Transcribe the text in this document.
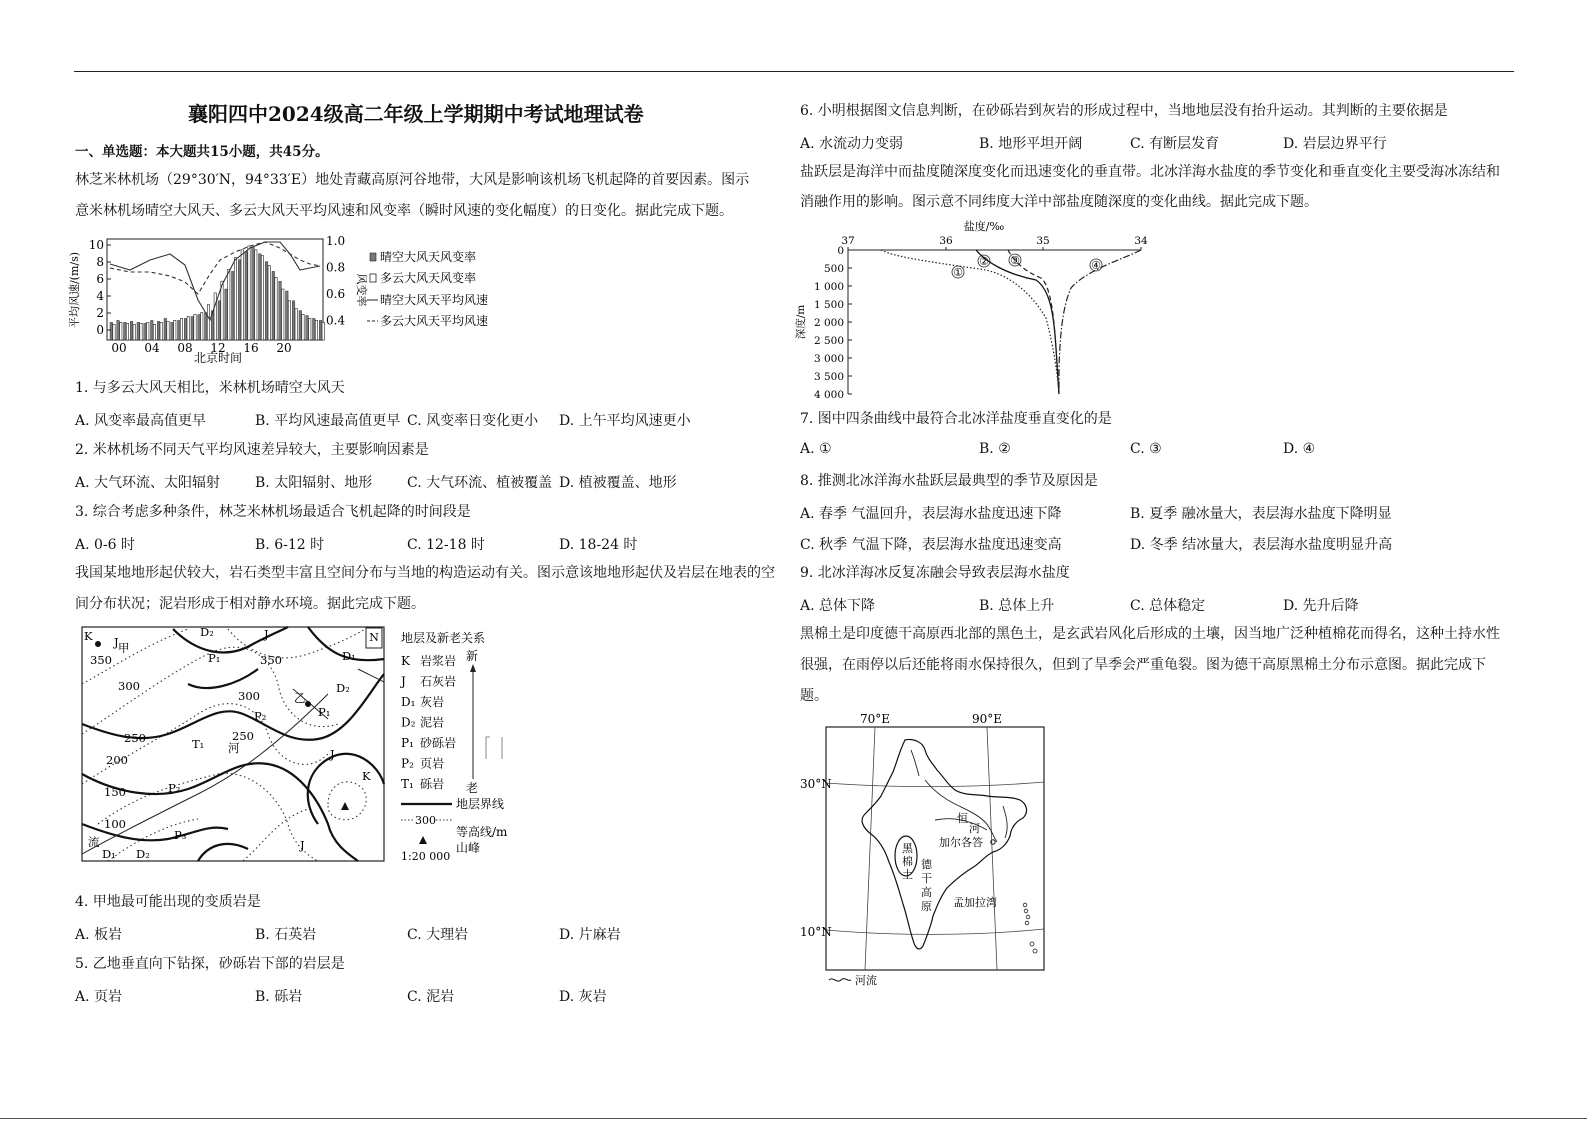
襄阳四中2024级高二年级上学期期中考试地理试卷
一、单选题：本大题共15小题，共45分。
林芝米林机场（29°30′N，94°33′E）地处青藏高原河谷地带，大风是影响该机场飞机起降的首要因素。图示
意米林机场晴空大风天、多云大风天平均风速和风变率（瞬时风速的变化幅度）的日变化。据此完成下题。
10
8
6
4
2
0
1.0
0.8
0.6
0.4
00 04 08 12 16 20
平均风速/(m/s)	风变率
北京时间
晴空大风天风变率
多云大风天风变率
晴空大风天平均风速
多云大风天平均风速
1. 与多云大风天相比，米林机场晴空大风天
A. 风变率最高值更早	B. 平均风速最高值更早 C. 风变率日变化更小 D. 上午平均风速更小
2. 米林机场不同天气平均风速差异较大，主要影响因素是
A. 大气环流、太阳辐射 B. 太阳辐射、地形 C. 大气环流、植被覆盖 D. 植被覆盖、地形
3. 综合考虑多种条件，林芝米林机场最适合飞机起降的时间段是
A. 0-6 时	B. 6-12 时	C. 12-18 时	D. 18-24 时
我国某地地形起伏较大，岩石类型丰富且空间分布与当地的构造运动有关。图示意该地地形起伏及岩层在地表的空
间分布状况；泥岩形成于相对静水环境。据此完成下题。
N
K J
D₂	J
P₁
350	D₁
350
300
300	乙
D₂
P₁
P₂
250
T₁ 河
250
200	J
K
150	P₂
100
P₃
流
D₁ D₂
J
甲
地层及新老关系
新
老
K 岩浆岩
J 石灰岩
D₁ 灰岩
D₂ 泥岩
P₁ 砂砾岩
P₂ 页岩
T₁ 砾岩
地层界线
300
等高线/m
山峰
1:20 000
4. 甲地最可能出现的变质岩是
A. 板岩	B. 石英岩	C. 大理岩	D. 片麻岩
5. 乙地垂直向下钻探，砂砾岩下部的岩层是
A. 页岩	B. 砾岩	C. 泥岩	D. 灰岩
6. 小明根据图文信息判断，在砂砾岩到灰岩的形成过程中，当地地层没有抬升运动。其判断的主要依据是
A. 水流动力变弱	B. 地形平坦开阔	C. 有断层发育	D. 岩层边界平行
盐跃层是海洋中而盐度随深度变化而迅速变化的垂直带。北冰洋海水盐度的季节变化和垂直变化主要受海冰冻结和
消融作用的影响。图示意不同纬度大洋中部盐度随深度的变化曲线。据此完成下题。
盐度/‰
37	36	35	34
0
500
1 000
1 500
2 000
2 500
3 000
3 500
4 000
深度/m
①
② ③	④
7. 图中四条曲线中最符合北冰洋盐度垂直变化的是
A. ①	B. ②	C. ③	D. ④
8. 推测北冰洋海水盐跃层最典型的季节及原因是
A. 春季 气温回升，表层海水盐度迅速下降	B. 夏季 融冰量大，表层海水盐度下降明显
C. 秋季 气温下降，表层海水盐度迅速变高	D. 冬季 结冰量大，表层海水盐度明显升高
9. 北冰洋海冰反复冻融会导致表层海水盐度
A. 总体下降	B. 总体上升	C. 总体稳定	D. 先升后降
黑棉土是印度德干高原西北部的黑色土，是玄武岩风化后形成的土壤，因当地广泛种植棉花而得名，这种土持水性
很强，在雨停以后还能将雨水保持很久，但到了旱季会严重龟裂。图为德干高原黑棉土分布示意图。据此完成下
题。
70°E	90°E
30°N
10°N
恒
河
加尔各答
黑
棉
土
德
干
高
原 孟加拉湾
河流
